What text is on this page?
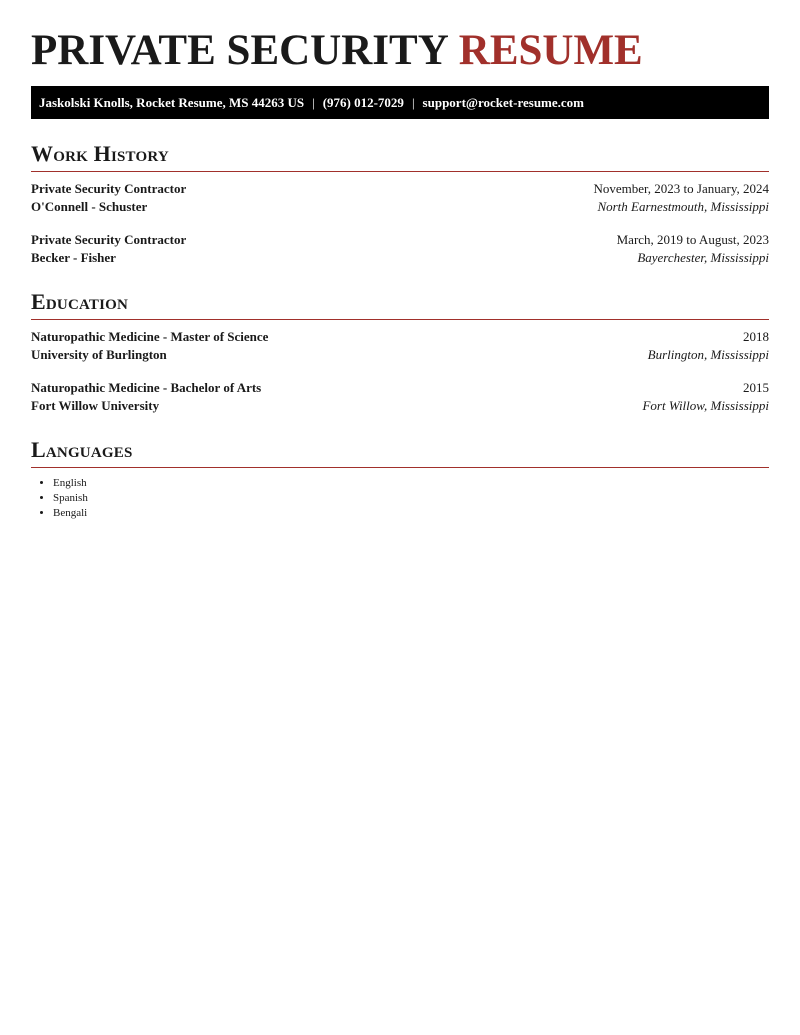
PRIVATE SECURITY RESUME
Jaskolski Knolls, Rocket Resume, MS 44263 US | (976) 012-7029 | support@rocket-resume.com
Work History
Private Security Contractor	November, 2023 to January, 2024
O'Connell - Schuster	North Earnestmouth, Mississippi
Private Security Contractor	March, 2019 to August, 2023
Becker - Fisher	Bayerchester, Mississippi
Education
Naturopathic Medicine - Master of Science	2018
University of Burlington	Burlington, Mississippi
Naturopathic Medicine - Bachelor of Arts	2015
Fort Willow University	Fort Willow, Mississippi
Languages
• English
• Spanish
• Bengali
